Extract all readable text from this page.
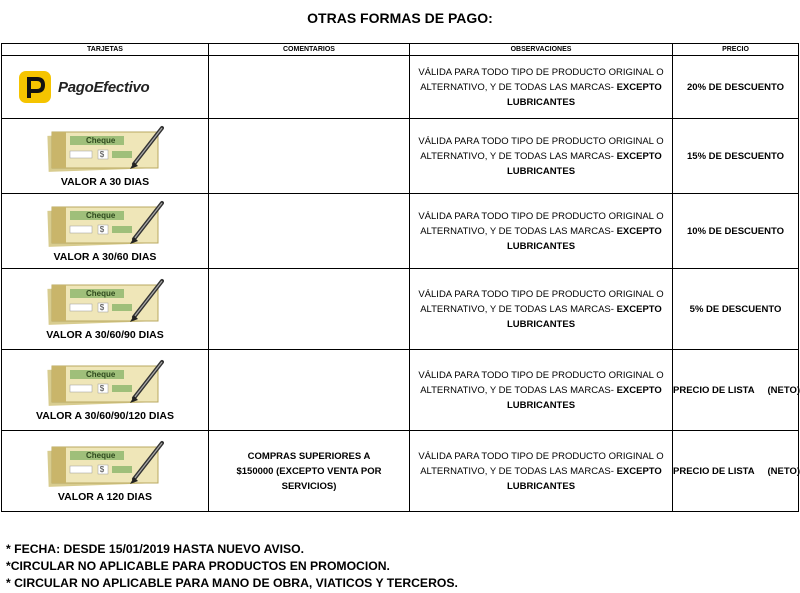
OTRAS FORMAS DE PAGO:
TARJETAS	COMENTARIOS	OBSERVACIONES	PRECIO

PagoEfectivo		VÁLIDA PARA TODO TIPO DE PRODUCTO ORIGINAL O ALTERNATIVO, Y DE TODAS LAS MARCAS- EXCEPTO LUBRICANTES	20% DE DESCUENTO

$
Cheque
VALOR A 30 DIAS		VÁLIDA PARA TODO TIPO DE PRODUCTO ORIGINAL O ALTERNATIVO, Y DE TODAS LAS MARCAS- EXCEPTO LUBRICANTES	15% DE DESCUENTO

$
Cheque
VALOR A 30/60 DIAS		VÁLIDA PARA TODO TIPO DE PRODUCTO ORIGINAL O ALTERNATIVO, Y DE TODAS LAS MARCAS- EXCEPTO LUBRICANTES	10% DE DESCUENTO

$
Cheque
VALOR A 30/60/90 DIAS		VÁLIDA PARA TODO TIPO DE PRODUCTO ORIGINAL O ALTERNATIVO, Y DE TODAS LAS MARCAS- EXCEPTO LUBRICANTES	5% DE DESCUENTO

$
Cheque
VALOR A 30/60/90/120 DIAS		VÁLIDA PARA TODO TIPO DE PRODUCTO ORIGINAL O ALTERNATIVO, Y DE TODAS LAS MARCAS- EXCEPTO LUBRICANTES	PRECIO DE LISTA     (NETO)

$
Cheque
VALOR A 120 DIAS	COMPRAS SUPERIORES A $150000 (EXCEPTO VENTA POR SERVICIOS)	VÁLIDA PARA TODO TIPO DE PRODUCTO ORIGINAL O ALTERNATIVO, Y DE TODAS LAS MARCAS- EXCEPTO LUBRICANTES	PRECIO DE LISTA     (NETO)
* FECHA: DESDE 15/01/2019 HASTA NUEVO AVISO.
*CIRCULAR NO APLICABLE PARA PRODUCTOS EN PROMOCION.
* CIRCULAR NO APLICABLE PARA MANO DE OBRA, VIATICOS Y TERCEROS.
